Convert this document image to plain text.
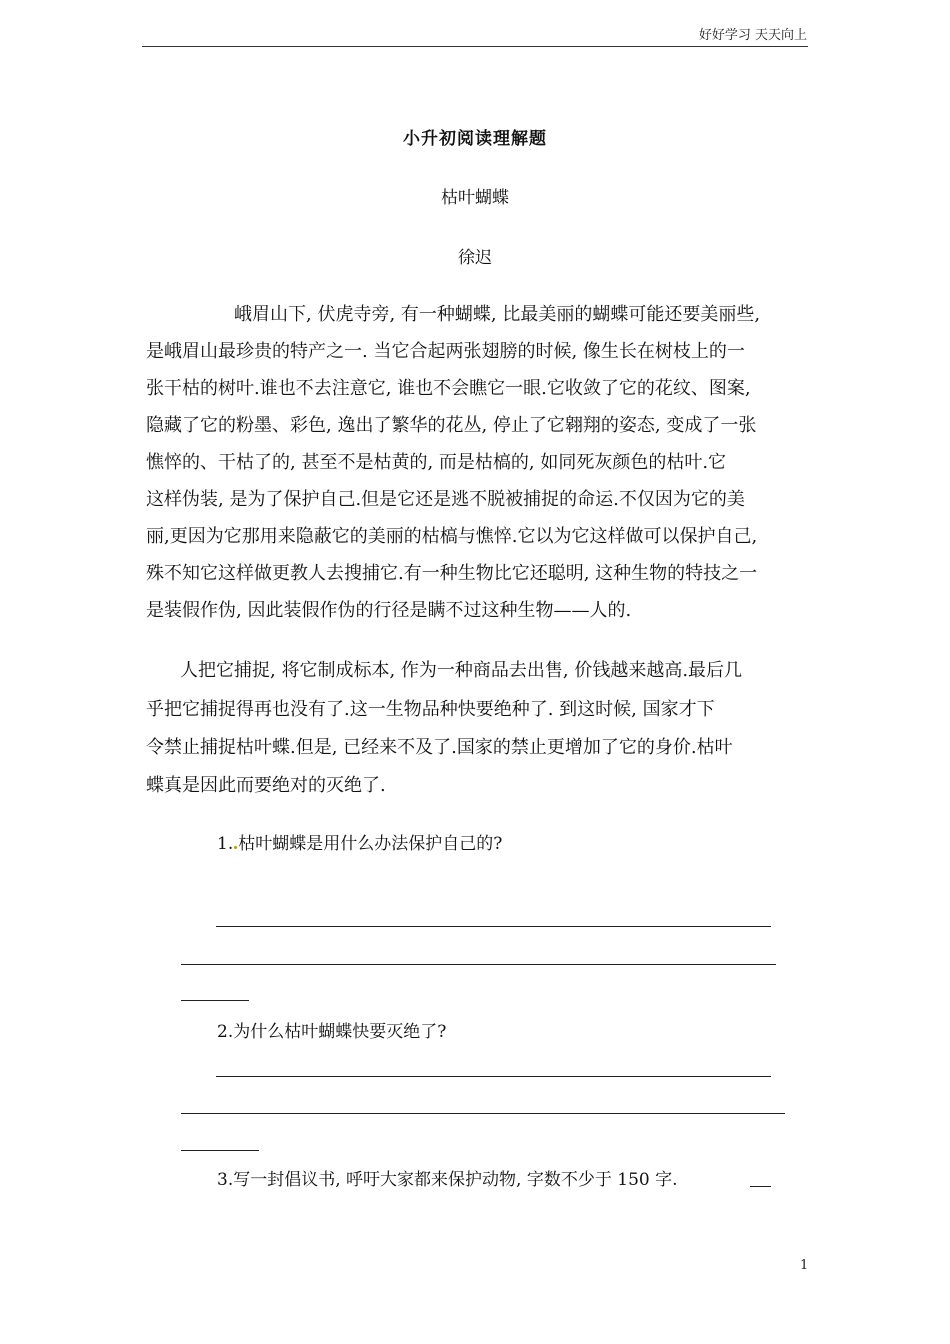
好好学习 天天向上
小升初阅读理解题
枯叶蝴蝶
徐迟
峨眉山下, 伏虎寺旁, 有一种蝴蝶, 比最美丽的蝴蝶可能还要美丽些,
是峨眉山最珍贵的特产之一. 当它合起两张翅膀的时候, 像生长在树枝上的一
张干枯的树叶.谁也不去注意它, 谁也不会瞧它一眼.它收敛了它的花纹、图案,
隐藏了它的粉墨、彩色, 逸出了繁华的花丛, 停止了它翱翔的姿态, 变成了一张
憔悴的、干枯了的, 甚至不是枯黄的, 而是枯槁的, 如同死灰颜色的枯叶.它
这样伪装, 是为了保护自己.但是它还是逃不脱被捕捉的命运.不仅因为它的美
丽,更因为它那用来隐蔽它的美丽的枯槁与憔悴.它以为它这样做可以保护自己,
殊不知它这样做更教人去搜捕它.有一种生物比它还聪明, 这种生物的特技之一
是装假作伪, 因此装假作伪的行径是瞒不过这种生物——人的.
人把它捕捉, 将它制成标本, 作为一种商品去出售, 价钱越来越高.最后几
乎把它捕捉得再也没有了.这一生物品种快要绝种了. 到这时候, 国家才下
令禁止捕捉枯叶蝶.但是, 已经来不及了.国家的禁止更增加了它的身价.枯叶
蝶真是因此而要绝对的灭绝了.
1. 枯叶蝴蝶是用什么办法保护自己的?
2.为什么枯叶蝴蝶快要灭绝了?
3.写一封倡议书, 呼吁大家都来保护动物, 字数不少于 150 字.
1
